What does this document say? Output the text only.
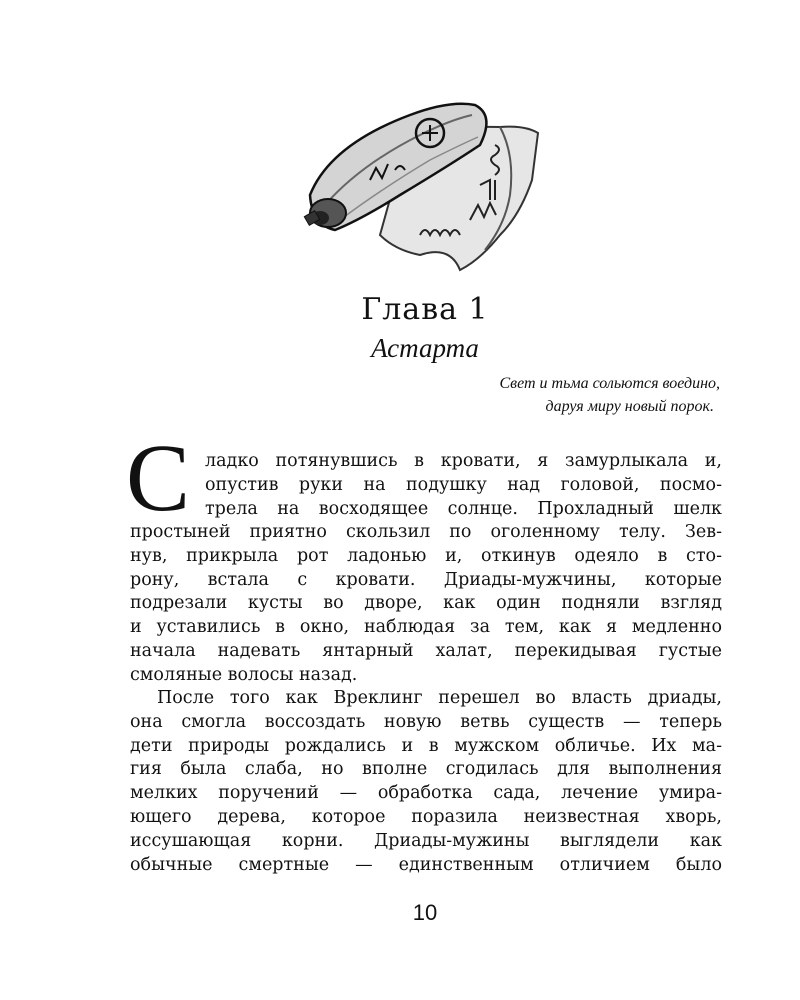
Глава 1
Астарта
Свет и тьма сольются воедино,
даруя миру новый порок.
С ладко потянувшись в кровати, я замурлыкала и,
опустив руки на подушку над головой, посмо-
трела на восходящее солнце. Прохладный шелк
простыней приятно скользил по оголенному телу. Зев-
нув, прикрыла рот ладонью и, откинув одеяло в сто-
рону, встала с кровати. Дриады-мужчины, которые
подрезали кусты во дворе, как один подняли взгляд
и уставились в окно, наблюдая за тем, как я медленно
начала надевать янтарный халат, перекидывая густые
смоляные волосы назад.
После того как Врeклинг перешел во власть дриады,
она смогла воссоздать новую ветвь существ — теперь
дети природы рождались и в мужском обличье. Их ма-
гия была слаба, но вполне сгодилась для выполнения
мелких поручений — обработка сада, лечение умира-
ющего дерева, которое поразила неизвестная хворь,
иссушающая корни. Дриады-мужины выглядели как
обычные смертные — единственным отличием было
10
